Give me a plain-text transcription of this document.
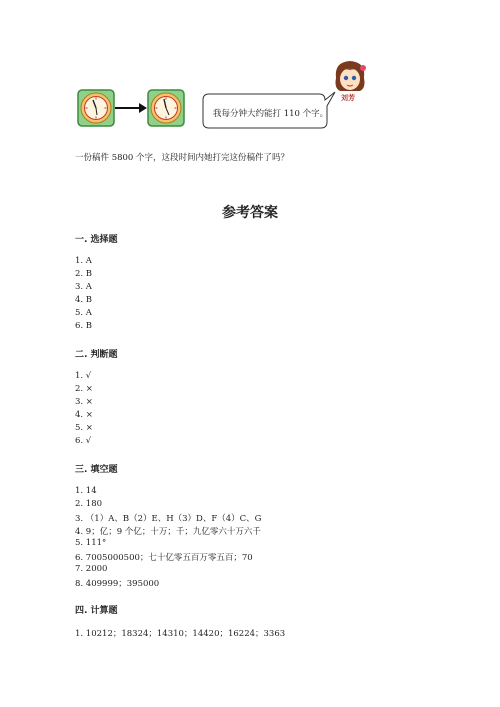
我每分钟大约能打 110 个字。
刘芳
一份稿件 5800 个字，这段时间内她打完这份稿件了吗？
参考答案
一. 选择题
1. A
2. B
3. A
4. B
5. A
6. B
二. 判断题
1. √
2. ×
3. ×
4. ×
5. ×
6. √
三. 填空题
1. 14
2. 180
3. （1）A、B（2）E、H（3）D、F（4）C、G
4. 9；亿；9 个亿；十万；千；九亿零六十万六千
5. 111°
6. 7005000500；七十亿零五百万零五百；70
7. 2000
8. 409999；395000
四. 计算题
1. 10212；18324；14310；14420；16224；3363
